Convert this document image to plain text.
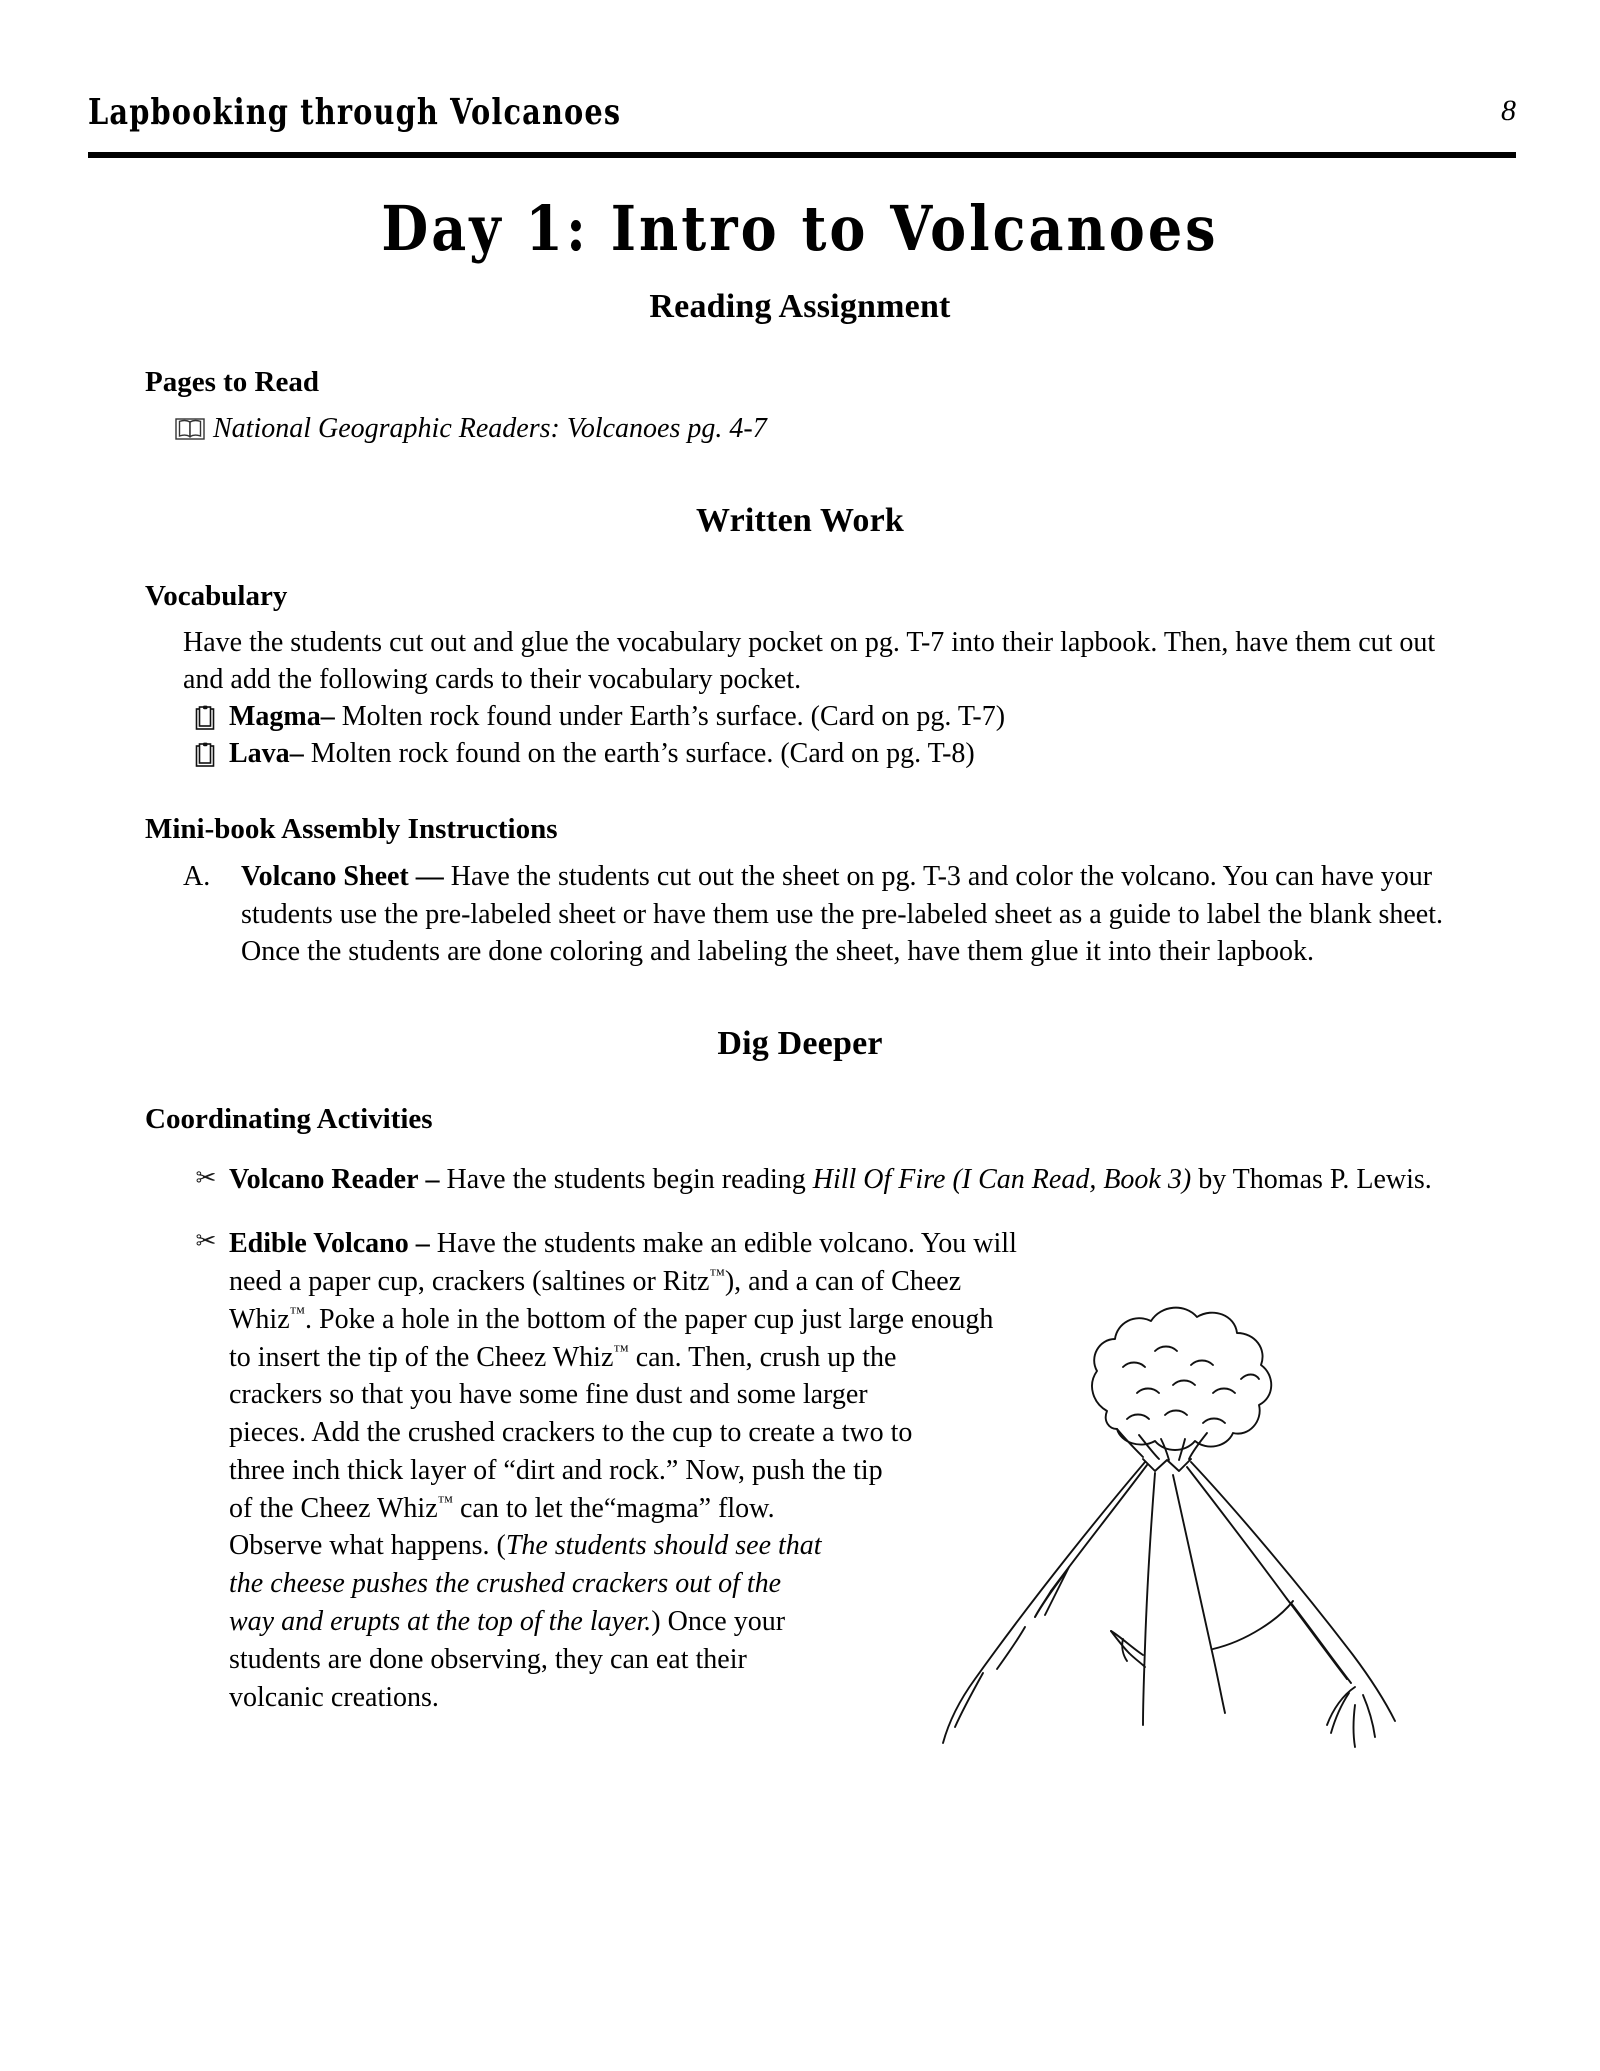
Lapbooking through Volcanoes	8
Day 1: Intro to Volcanoes
Reading Assignment
Pages to Read
National Geographic Readers: Volcanoes pg. 4-7
Written Work
Vocabulary
Have the students cut out and glue the vocabulary pocket on pg. T-7 into their lapbook. Then, have them cut out and add the following cards to their vocabulary pocket.
Magma– Molten rock found under Earth’s surface. (Card on pg. T-7)
Lava– Molten rock found on the earth’s surface. (Card on pg. T-8)
Mini-book Assembly Instructions
A.	Volcano Sheet — Have the students cut out the sheet on pg. T-3 and color the volcano. You can have your students use the pre-labeled sheet or have them use the pre-labeled sheet as a guide to label the blank sheet. Once the students are done coloring and labeling the sheet, have them glue it into their lapbook.
Dig Deeper
Coordinating Activities
✂ Volcano Reader – Have the students begin reading Hill Of Fire (I Can Read, Book 3) by Thomas P. Lewis.
✂ Edible Volcano – Have the students make an edible volcano. You will need a paper cup, crackers (saltines or Ritz™), and a can of Cheez Whiz™. Poke a hole in the bottom of the paper cup just large enough to insert the tip of the Cheez Whiz™ can. Then, crush up the crackers so that you have some fine dust and some larger pieces. Add the crushed crackers to the cup to create a two to three inch thick layer of “dirt and rock.” Now, push the tip of the Cheez Whiz™ can to let the“magma” flow. Observe what happens. (The students should see that the cheese pushes the crushed crackers out of the way and erupts at the top of the layer.) Once your students are done observing, they can eat their volcanic creations.
